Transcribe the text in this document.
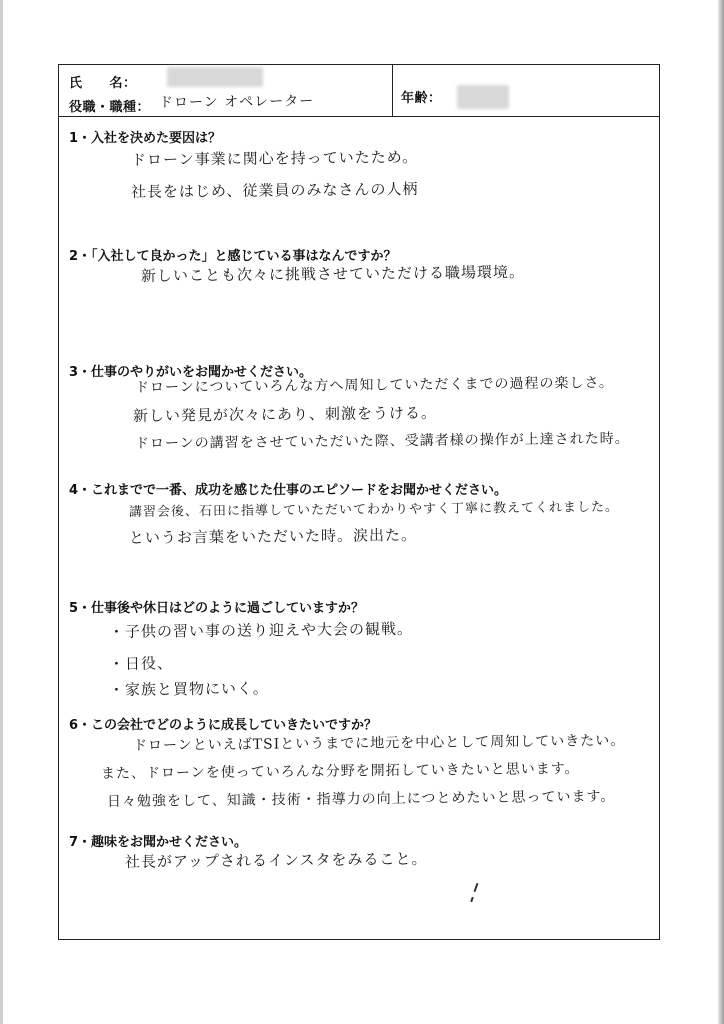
氏　　名：
役職・職種： ドローン オペレーター	年齢：
1・入社を決めた要因は？
ドローン事業に関心を持っていたため。
社長をはじめ、従業員のみなさんの人柄
2・「入社して良かった」と感じている事はなんですか？
新しいことも次々に挑戦させていただける職場環境。
3・仕事のやりがいをお聞かせください。
ドローンについていろんな方へ周知していただくまでの過程の楽しさ。
新しい発見が次々にあり、刺激をうける。
ドローンの講習をさせていただいた際、受講者様の操作が上達された時。
4・これまでで一番、成功を感じた仕事のエピソードをお聞かせください。
講習会後、石田に指導していただいてわかりやすく丁寧に教えてくれました。
というお言葉をいただいた時。涙出た。
5・仕事後や休日はどのように過ごしていますか？
・子供の習い事の送り迎えや大会の観戦。
・日役、
・家族と買物にいく。
6・この会社でどのように成長していきたいですか？
ドローンといえばTSIというまでに地元を中心として周知していきたい。
また、ドローンを使っていろんな分野を開拓していきたいと思います。
日々勉強をして、知識・技術・指導力の向上につとめたいと思っています。
7・趣味をお聞かせください。
社長がアップされるインスタをみること。
